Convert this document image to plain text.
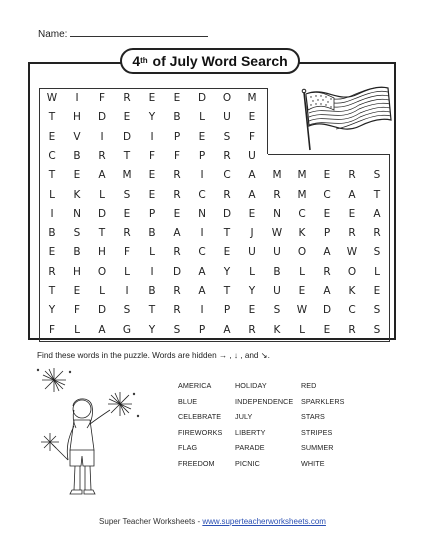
Name:
4 th of July Word Search
W	I	F	R	E	E	D	O	M
T	H	D	E	Y	B	L	U	E
E	V	I	D	I	P	E	S	F
C	B	R	T	F	F	P	R	U
T	E	A	M	E	R	I	C	A	M	M	E	R	S
L	K	L	S	E	R	C	R	A	R	M	C	A	T
I	N	D	E	P	E	N	D	E	N	C	E	E	A
B	S	T	R	B	A	I	T	J	W	K	P	R	R
E	B	H	F	L	R	C	E	U	U	O	A	W	S
R	H	O	L	I	D	A	Y	L	B	L	R	O	L
T	E	L	I	B	R	A	T	Y	U	E	A	K	E
Y	F	D	S	T	R	I	P	E	S	W	D	C	S
F	L	A	G	Y	S	P	A	R	K	L	E	R	S
Find these words in the puzzle. Words are hidden → , ↓ , and ↘.
AMERICA
BLUE
CELEBRATE
FIREWORKS
FLAG
FREEDOM
HOLIDAY
INDEPENDENCE
JULY
LIBERTY
PARADE
PICNIC
RED
SPARKLERS
STARS
STRIPES
SUMMER
WHITE
Super Teacher Worksheets - www.superteacherworksheets.com
